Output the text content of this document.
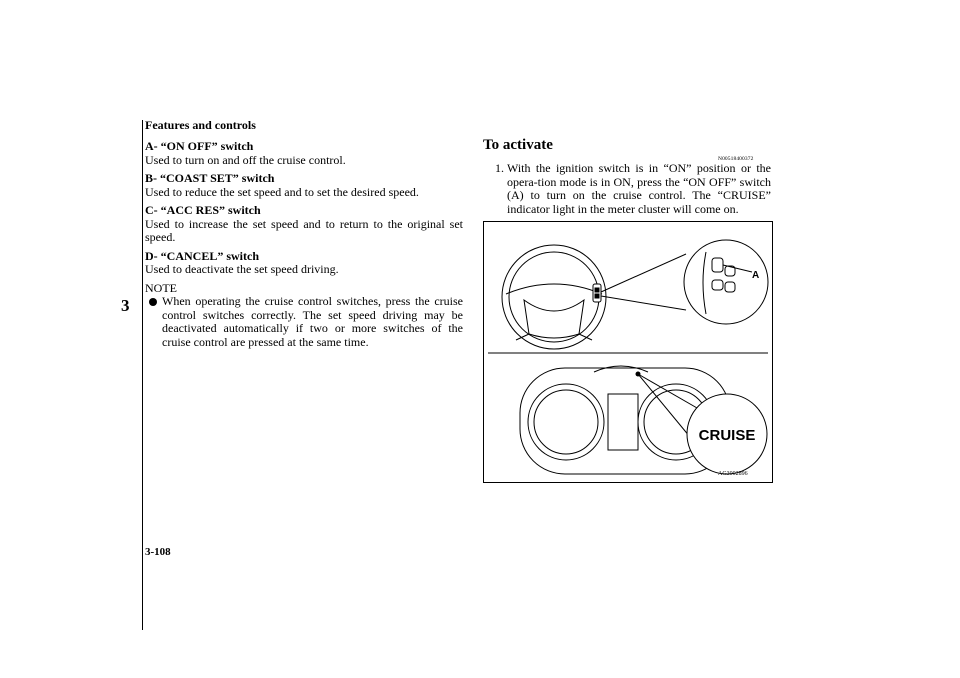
Features and controls
3
A- “ON OFF” switch
Used to turn on and off the cruise control.
B- “COAST SET” switch
Used to reduce the set speed and to set the desired speed.
C- “ACC RES” switch
Used to increase the set speed and to return to the original set speed.
D- “CANCEL” switch
Used to deactivate the set speed driving.
NOTE
When operating the cruise control switches, press the cruise control switches correctly. The set speed driving may be deactivated automatically if two or more switches of the cruise control are pressed at the same time.
To activate
N00518400372
1. With the ignition switch is in “ON” position or the opera-tion mode is in ON, press the “ON OFF” switch (A) to turn on the cruise control. The “CRUISE” indicator light in the meter cluster will come on.
A
CRUISE
AG3002896
3-108
